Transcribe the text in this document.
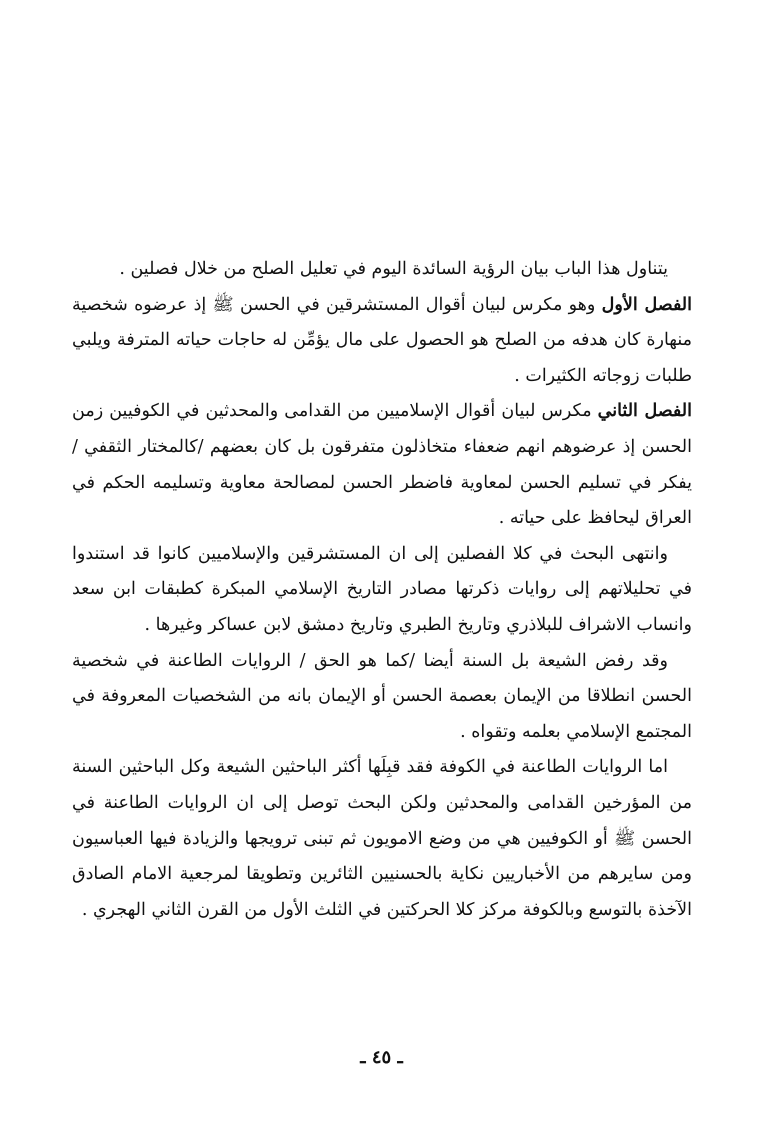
يتناول هذا الباب بيان الرؤية السائدة اليوم في تعليل الصلح من خلال فصلين .

الفصل الأول وهو مكرس لبيان أقوال المستشرقين في الحسن ﷺ إذ عرضوه شخصية منهارة كان هدفه من الصلح هو الحصول على مال يؤمِّن له حاجات حياته المترفة ويلبي طلبات زوجاته الكثيرات .

الفصل الثاني مكرس لبيان أقوال الإسلاميين من القدامى والمحدثين في الكوفيين زمن الحسن إذ عرضوهم انهم ضعفاء متخاذلون متفرقون بل كان بعضهم /كالمختار الثقفي / يفكر في تسليم الحسن لمعاوية فاضطر الحسن لمصالحة معاوية وتسليمه الحكم في العراق ليحافظ على حياته .

وانتهى البحث في كلا الفصلين إلى ان المستشرقين والإسلاميين كانوا قد استندوا في تحليلاتهم إلى روايات ذكرتها مصادر التاريخ الإسلامي المبكرة كطبقات ابن سعد وانساب الاشراف للبلاذري وتاريخ الطبري وتاريخ دمشق لابن عساكر وغيرها .

وقد رفض الشيعة بل السنة أيضا /كما هو الحق / الروايات الطاعنة في شخصية الحسن انطلاقا من الإيمان بعصمة الحسن أو الإيمان بانه من الشخصيات المعروفة في المجتمع الإسلامي بعلمه وتقواه .

اما الروايات الطاعنة في الكوفة فقد قبِلَها أكثر الباحثين الشيعة وكل الباحثين السنة من المؤرخين القدامى والمحدثين ولكن البحث توصل إلى ان الروايات الطاعنة في الحسن ﷺ أو الكوفيين هي من وضع الامويون ثم تبنى ترويجها والزيادة فيها العباسيون ومن سايرهم من الأخباريين نكاية بالحسنيين الثائرين وتطويقا لمرجعية الامام الصادق الآخذة بالتوسع وبالكوفة مركز كلا الحركتين في الثلث الأول من القرن الثاني الهجري .

ـ ٤٥ ـ
